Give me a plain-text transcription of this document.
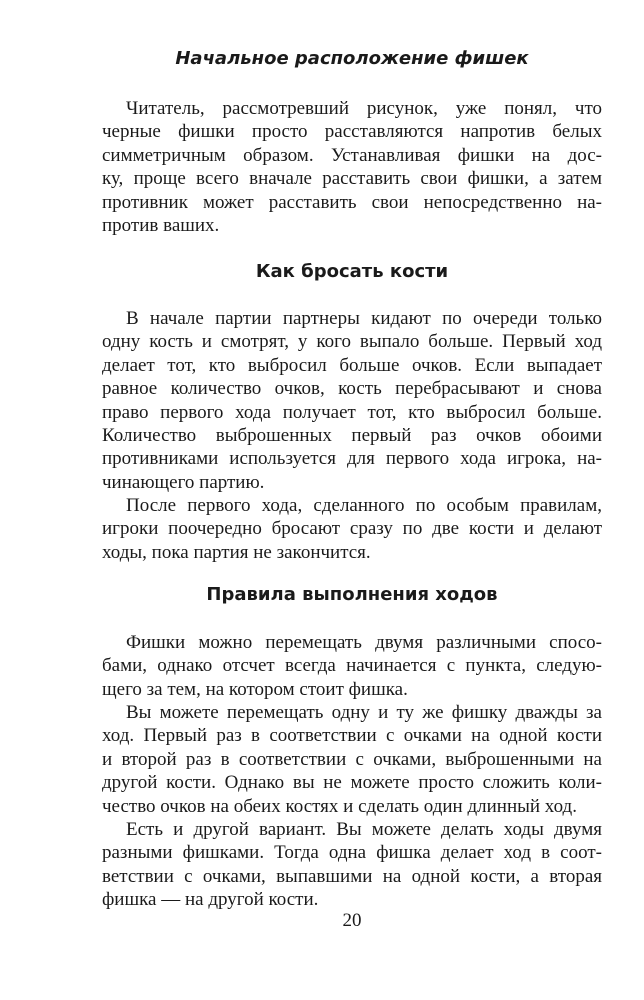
Начальное расположение фишек
Читатель, рассмотревший рисунок, уже понял, что
черные фишки просто расставляются напротив белых
симметричным образом. Устанавливая фишки на дос-
ку, проще всего вначале расставить свои фишки, а затем
противник может расставить свои непосредственно на-
против ваших.
Как бросать кости
В начале партии партнеры кидают по очереди только
одну кость и смотрят, у кого выпало больше. Первый ход
делает тот, кто выбросил больше очков. Если выпадает
равное количество очков, кость перебрасывают и снова
право первого хода получает тот, кто выбросил больше.
Количество выброшенных первый раз очков обоими
противниками используется для первого хода игрока, на-
чинающего партию.
После первого хода, сделанного по особым правилам,
игроки поочередно бросают сразу по две кости и делают
ходы, пока партия не закончится.
Правила выполнения ходов
Фишки можно перемещать двумя различными спосо-
бами, однако отсчет всегда начинается с пункта, следую-
щего за тем, на котором стоит фишка.
Вы можете перемещать одну и ту же фишку дважды за
ход. Первый раз в соответствии с очками на одной кости
и второй раз в соответствии с очками, выброшенными на
другой кости. Однако вы не можете просто сложить коли-
чество очков на обеих костях и сделать один длинный ход.
Есть и другой вариант. Вы можете делать ходы двумя
разными фишками. Тогда одна фишка делает ход в соот-
ветствии с очками, выпавшими на одной кости, а вторая
фишка — на другой кости.

20
